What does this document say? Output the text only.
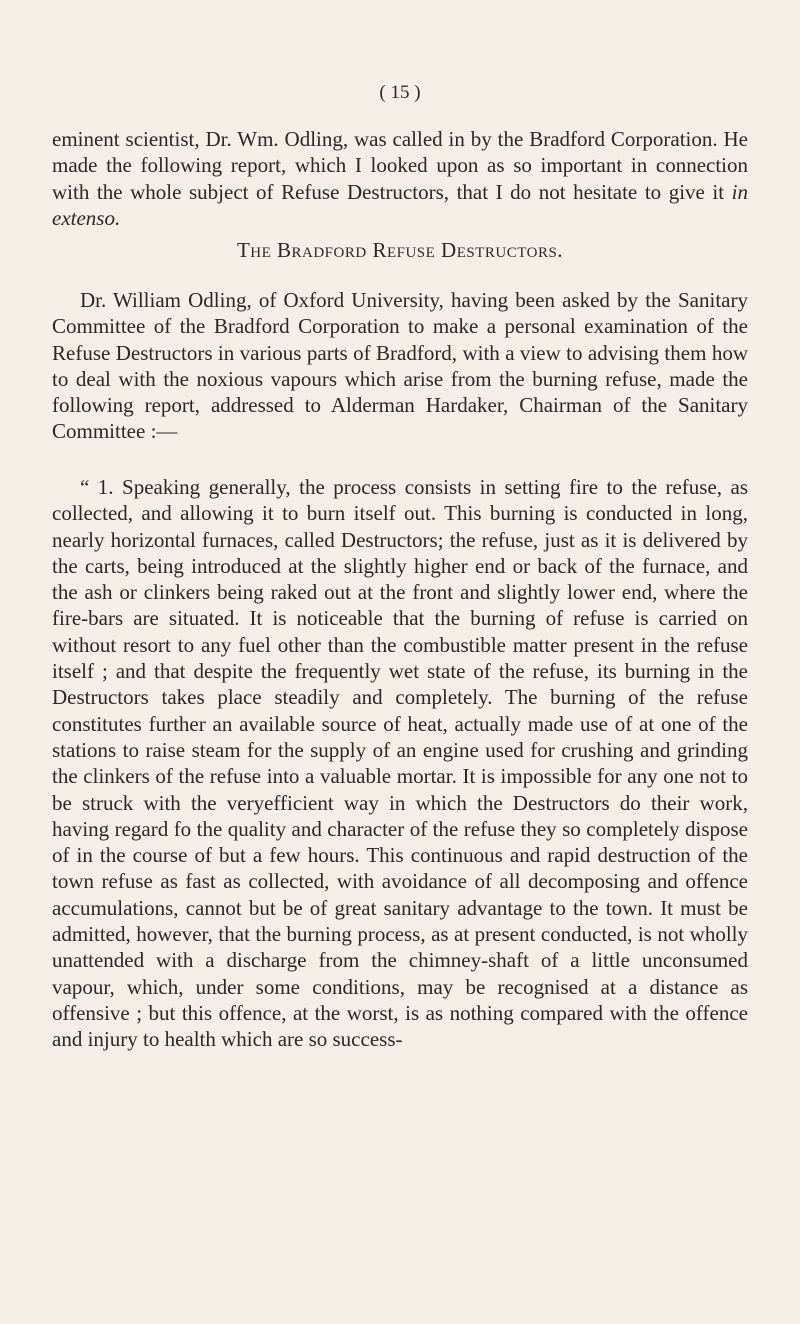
( 15 )

eminent scientist, Dr. Wm. Odling, was called in by the Bradford Corporation. He made the following report, which I looked upon as so important in connection with the whole subject of Refuse Destructors, that I do not hesitate to give it in extenso.

The Bradford Refuse Destructors.

Dr. William Odling, of Oxford University, having been asked by the Sanitary Committee of the Bradford Corporation to make a personal examination of the Refuse Destructors in various parts of Bradford, with a view to advising them how to deal with the noxious vapours which arise from the burning refuse, made the following report, addressed to Alderman Hardaker, Chairman of the Sanitary Committee :—

“ 1. Speaking generally, the process consists in setting fire to the refuse, as collected, and allowing it to burn itself out. This burning is conducted in long, nearly horizontal furnaces, called Destructors; the refuse, just as it is delivered by the carts, being introduced at the slightly higher end or back of the furnace, and the ash or clinkers being raked out at the front and slightly lower end, where the fire-bars are situated. It is noticeable that the burning of refuse is carried on without resort to any fuel other than the combustible matter present in the refuse itself ; and that despite the frequently wet state of the refuse, its burning in the Destructors takes place steadily and completely. The burning of the refuse constitutes further an available source of heat, actually made use of at one of the stations to raise steam for the supply of an engine used for crushing and grinding the clinkers of the refuse into a valuable mortar. It is impossible for any one not to be struck with the veryefficient way in which the Destructors do their work, having regard fo the quality and character of the refuse they so completely dispose of in the course of but a few hours. This continuous and rapid destruction of the town refuse as fast as collected, with avoidance of all decomposing and offence accumulations, cannot but be of great sanitary advantage to the town. It must be admitted, however, that the burning process, as at present conducted, is not wholly unattended with a discharge from the chimney-shaft of a little unconsumed vapour, which, under some conditions, may be recognised at a distance as offensive ; but this offence, at the worst, is as nothing compared with the offence and injury to health which are so success-
